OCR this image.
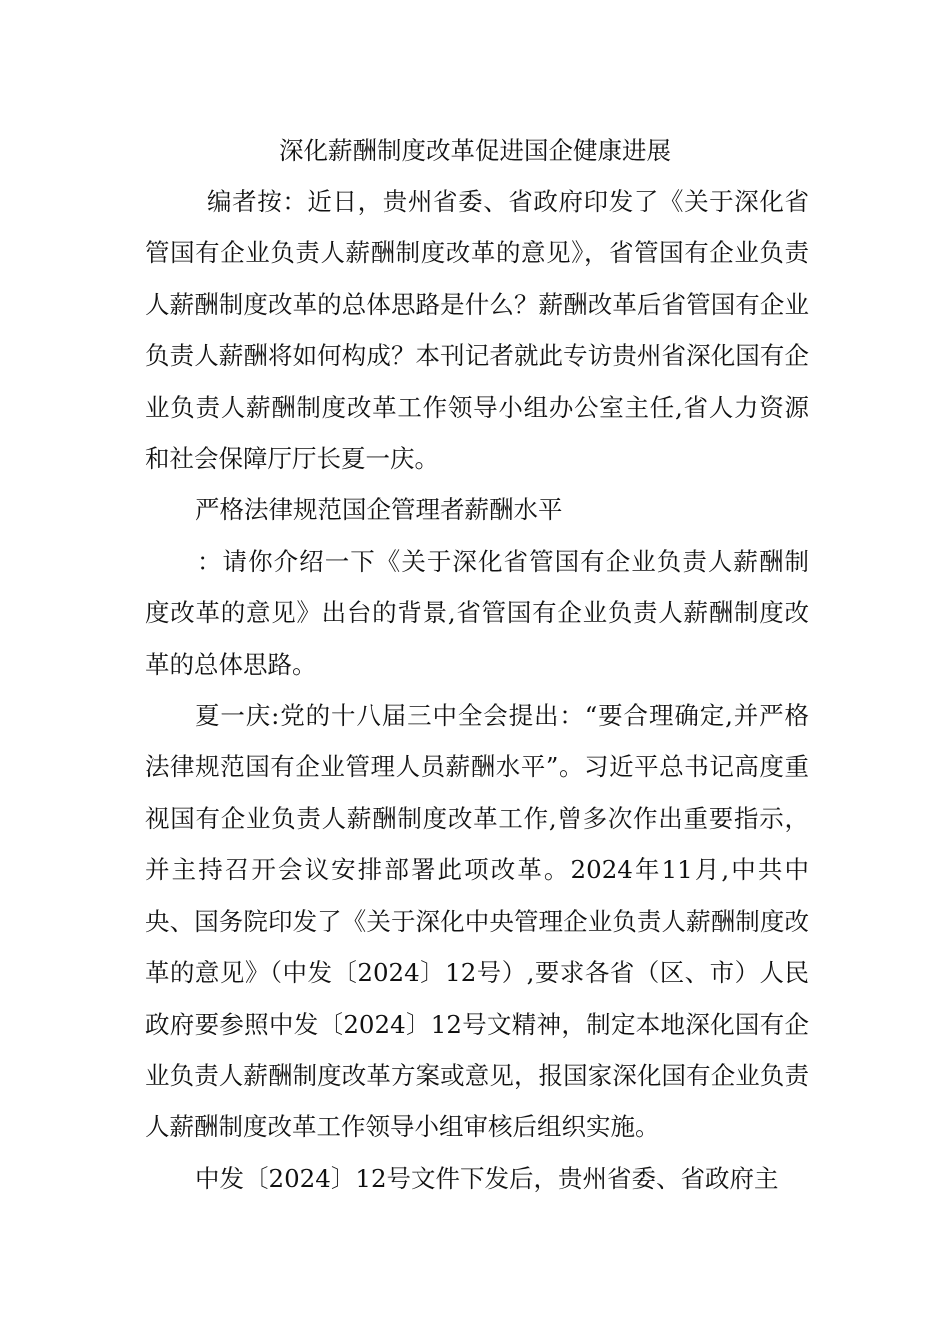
深化薪酬制度改革促进国企健康进展

编者按：近日，贵州省委、省政府印发了《关于深化省管国有企业负责人薪酬制度改革的意见》，省管国有企业负责人薪酬制度改革的总体思路是什么？薪酬改革后省管国有企业负责人薪酬将如何构成？本刊记者就此专访贵州省深化国有企业负责人薪酬制度改革工作领导小组办公室主任,省人力资源和社会保障厅厅长夏一庆。

严格法律规范国企管理者薪酬水平

：请你介绍一下《关于深化省管国有企业负责人薪酬制度改革的意见》出台的背景,省管国有企业负责人薪酬制度改革的总体思路。

夏一庆:党的十八届三中全会提出：“要合理确定,并严格法律规范国有企业管理人员薪酬水平”。习近平总书记高度重视国有企业负责人薪酬制度改革工作,曾多次作出重要指示，并主持召开会议安排部署此项改革。2024年11月,中共中央、国务院印发了《关于深化中央管理企业负责人薪酬制度改革的意见》（中发〔2024〕12号）,要求各省（区、市）人民政府要参照中发〔2024〕12号文精神，制定本地深化国有企业负责人薪酬制度改革方案或意见，报国家深化国有企业负责人薪酬制度改革工作领导小组审核后组织实施。

中发〔2024〕12号文件下发后，贵州省委、省政府主
